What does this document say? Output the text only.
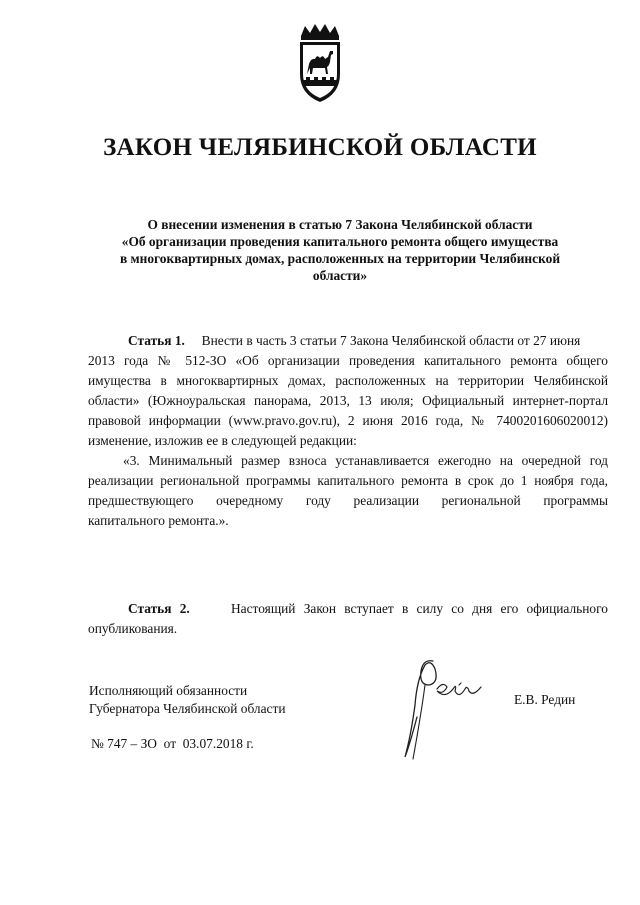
ЗАКОН ЧЕЛЯБИНСКОЙ ОБЛАСТИ
О внесении изменения в статью 7 Закона Челябинской области
«Об организации проведения капитального ремонта общего имущества
в многоквартирных домах, расположенных на территории Челябинской
области»
Статья 1. Внести в часть 3 статьи 7 Закона Челябинской области от 27 июня
2013 года № 512-ЗО «Об организации проведения капитального ремонта общего
имущества в многоквартирных домах, расположенных на территории Челябинской
области» (Южноуральская панорама, 2013, 13 июля; Официальный интернет-портал
правовой информации (www.pravo.gov.ru), 2 июня 2016 года, № 7400201606020012)
изменение, изложив ее в следующей редакции:
«3. Минимальный размер взноса устанавливается ежегодно на очередной год
реализации региональной программы капитального ремонта в срок до 1 ноября года,
предшествующего очередному году реализации региональной программы
капитального ремонта.».
Статья 2.	Настоящий Закон вступает в силу со дня его официального
опубликования.
Исполняющий обязанности
Губернатора Челябинской области
Е.В. Редин
№ 747 – ЗО  от  03.07.2018 г.
